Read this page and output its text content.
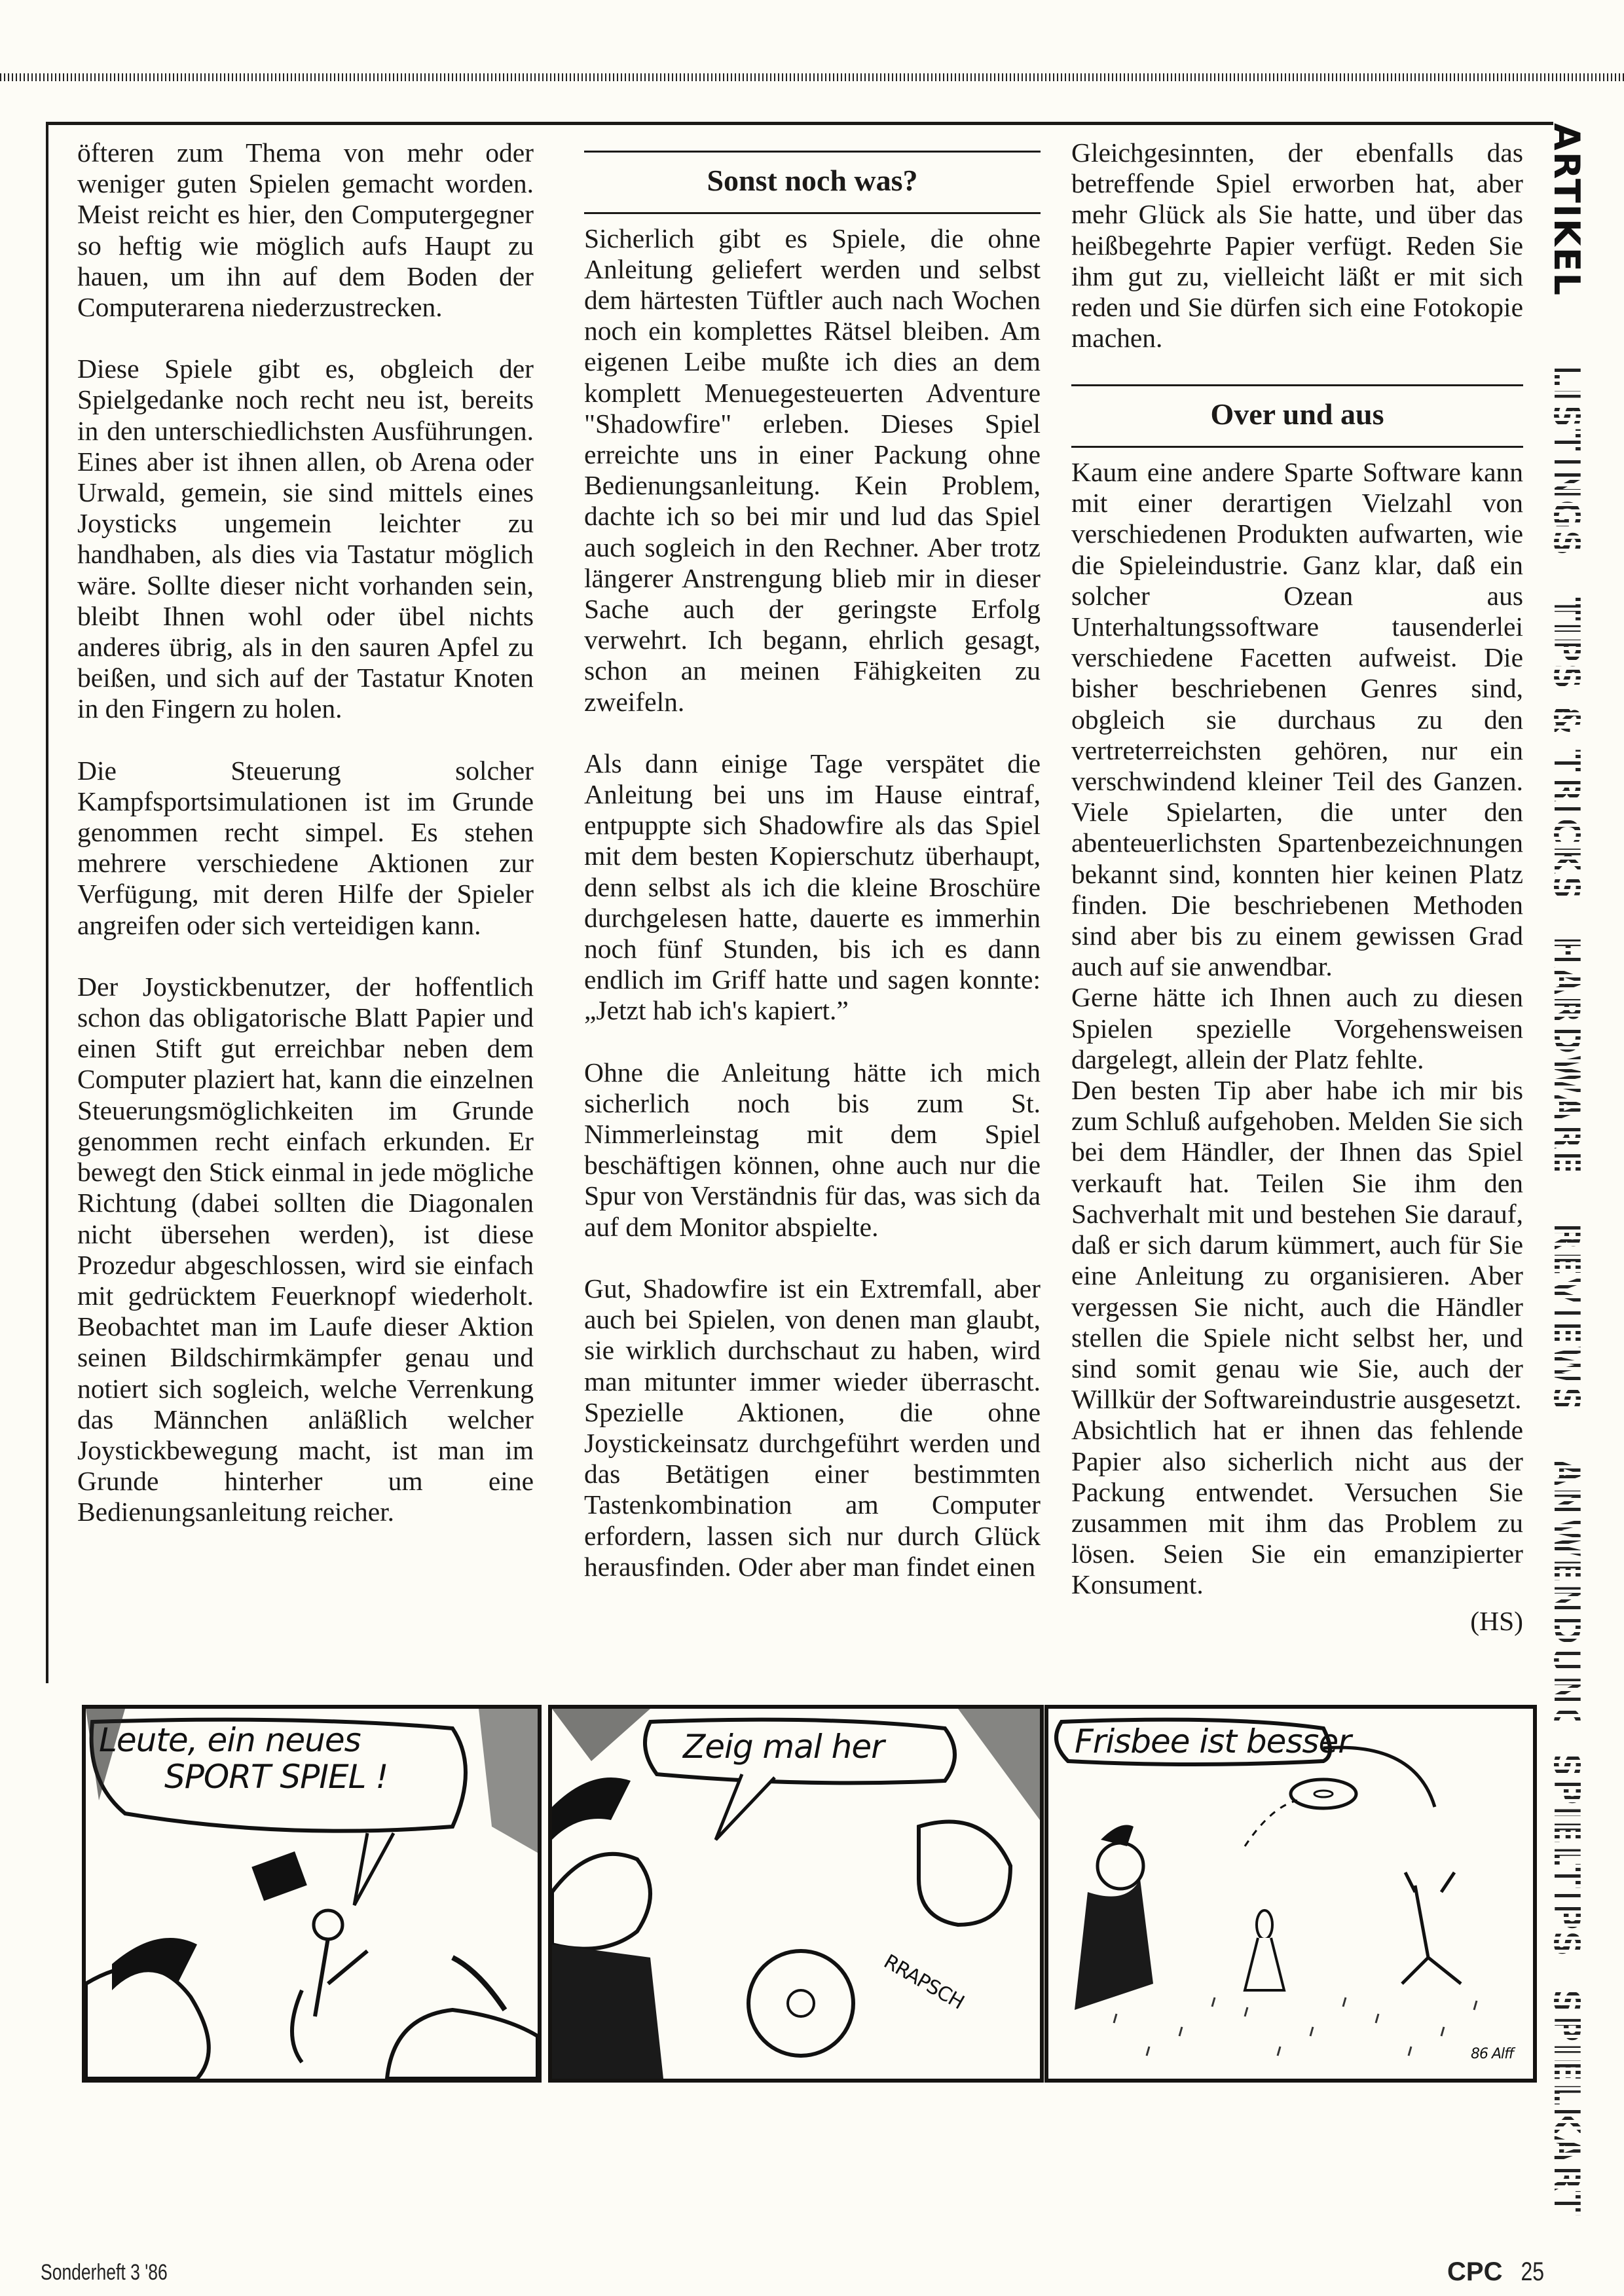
öfteren zum Thema von mehr oder weniger guten Spielen gemacht worden. Meist reicht es hier, den Computergegner so heftig wie möglich aufs Haupt zu hauen, um ihn auf dem Boden der Computerarena niederzustrecken.

Diese Spiele gibt es, obgleich der Spielgedanke noch recht neu ist, bereits in den unterschiedlichsten Ausführungen. Eines aber ist ihnen allen, ob Arena oder Urwald, gemein, sie sind mittels eines Joysticks ungemein leichter zu handhaben, als dies via Tastatur möglich wäre. Sollte dieser nicht vorhanden sein, bleibt Ihnen wohl oder übel nichts anderes übrig, als in den sauren Apfel zu beißen, und sich auf der Tastatur Knoten in den Fingern zu holen.

Die Steuerung solcher Kampfsportsimulationen ist im Grunde genommen recht simpel. Es stehen mehrere verschiedene Aktionen zur Verfügung, mit deren Hilfe der Spieler angreifen oder sich verteidigen kann.

Der Joystickbenutzer, der hoffentlich schon das obligatorische Blatt Papier und einen Stift gut erreichbar neben dem Computer plaziert hat, kann die einzelnen Steuerungsmöglichkeiten im Grunde genommen recht einfach erkunden. Er bewegt den Stick einmal in jede mögliche Richtung (dabei sollten die Diagonalen nicht übersehen werden), ist diese Prozedur abgeschlossen, wird sie einfach mit gedrücktem Feuerknopf wiederholt. Beobachtet man im Laufe dieser Aktion seinen Bildschirmkämpfer genau und notiert sich sogleich, welche Verrenkung das Männchen anläßlich welcher Joystickbewegung macht, ist man im Grunde hinterher um eine Bedienungsanleitung reicher.

Sonst noch was?

Sicherlich gibt es Spiele, die ohne Anleitung geliefert werden und selbst dem härtesten Tüftler auch nach Wochen noch ein komplettes Rätsel bleiben. Am eigenen Leibe mußte ich dies an dem komplett Menuegesteuerten Adventure "Shadowfire" erleben. Dieses Spiel erreichte uns in einer Packung ohne Bedienungsanleitung. Kein Problem, dachte ich so bei mir und lud das Spiel auch sogleich in den Rechner. Aber trotz längerer Anstrengung blieb mir in dieser Sache auch der geringste Erfolg verwehrt. Ich begann, ehrlich gesagt, schon an meinen Fähigkeiten zu zweifeln.

Als dann einige Tage verspätet die Anleitung bei uns im Hause eintraf, entpuppte sich Shadowfire als das Spiel mit dem besten Kopierschutz überhaupt, denn selbst als ich die kleine Broschüre durchgelesen hatte, dauerte es immerhin noch fünf Stunden, bis ich es dann endlich im Griff hatte und sagen konnte: „Jetzt hab ich's kapiert.”

Ohne die Anleitung hätte ich mich sicherlich noch bis zum St. Nimmerleinstag mit dem Spiel beschäftigen können, ohne auch nur die Spur von Verständnis für das, was sich da auf dem Monitor abspielte.

Gut, Shadowfire ist ein Extremfall, aber auch bei Spielen, von denen man glaubt, sie wirklich durchschaut zu haben, wird man mitunter immer wieder überrascht. Spezielle Aktionen, die ohne Joystickeinsatz durchgeführt werden und das Betätigen einer bestimmten Tastenkombination am Computer erfordern, lassen sich nur durch Glück herausfinden. Oder aber man findet einen

Gleichgesinnten, der ebenfalls das betreffende Spiel erworben hat, aber mehr Glück als Sie hatte, und über das heißbegehrte Papier verfügt. Reden Sie ihm gut zu, vielleicht läßt er mit sich reden und Sie dürfen sich eine Fotokopie machen.

Over und aus

Kaum eine andere Sparte Software kann mit einer derartigen Vielzahl von verschiedenen Produkten aufwarten, wie die Spieleindustrie. Ganz klar, daß ein solcher Ozean aus Unterhaltungssoftware tausenderlei verschiedene Facetten aufweist. Die bisher beschriebenen Genres sind, obgleich sie durchaus zu den vertreterreichsten gehören, nur ein verschwindend kleiner Teil des Ganzen. Viele Spielarten, die unter den abenteuerlichsten Spartenbezeichnungen bekannt sind, konnten hier keinen Platz finden. Die beschriebenen Methoden sind aber bis zu einem gewissen Grad auch auf sie anwendbar.

Gerne hätte ich Ihnen auch zu diesen Spielen spezielle Vorgehensweisen dargelegt, allein der Platz fehlte.

Den besten Tip aber habe ich mir bis zum Schluß aufgehoben. Melden Sie sich bei dem Händler, der Ihnen das Spiel verkauft hat. Teilen Sie ihm den Sachverhalt mit und bestehen Sie darauf, daß er sich darum kümmert, auch für Sie eine Anleitung zu organisieren. Aber vergessen Sie nicht, auch die Händler stellen die Spiele nicht selbst her, und sind somit genau wie Sie, auch der Willkür der Softwareindustrie ausgesetzt.

Absichtlich hat er ihnen das fehlende Papier also sicherlich nicht aus der Packung entwendet. Versuchen Sie zusammen mit ihm das Problem zu lösen. Seien Sie ein emanzipierter Konsument.

(HS)
ARTIKEL
LISTINGS
TIPS & TRICKS
HARDWARE
REVIEWS
ANWENDUNG
SPIELTIPS
SPIELKARTEN
Leute, ein neues
SPORT SPIEL !
Zeig mal her
RRAPSCH
Frisbee ist besser
86 Alff
Sonderheft 3 '86	CPC 25
